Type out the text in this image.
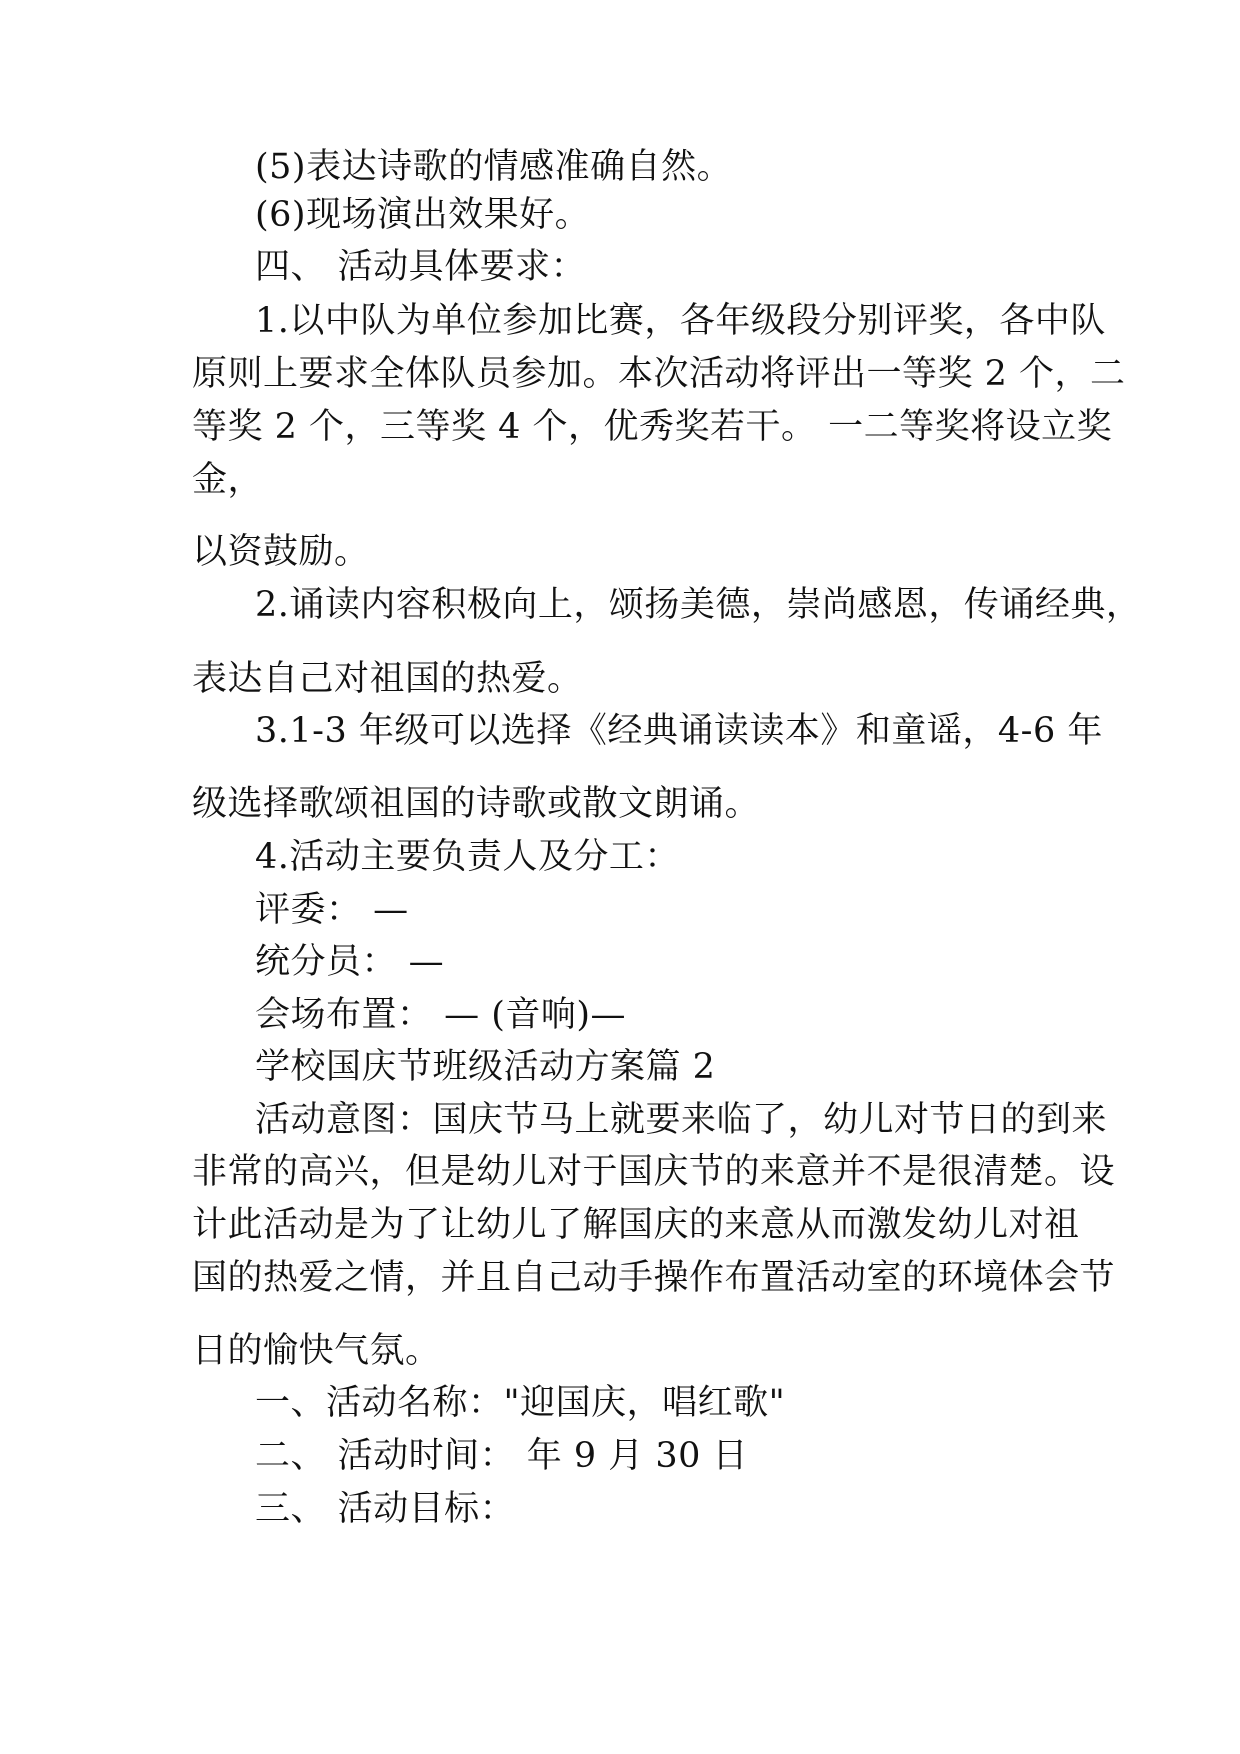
(5)表达诗歌的情感准确自然。
(6)现场演出效果好。
四、 活动具体要求：
1.以中队为单位参加比赛，各年级段分别评奖，各中队
原则上要求全体队员参加。本次活动将评出一等奖 2 个，二
等奖 2 个，三等奖 4 个，优秀奖若干。 一二等奖将设立奖
金，
以资鼓励。
2.诵读内容积极向上，颂扬美德，崇尚感恩，传诵经典，
表达自己对祖国的热爱。
3.1-3 年级可以选择《经典诵读读本》和童谣，4-6 年
级选择歌颂祖国的诗歌或散文朗诵。
4.活动主要负责人及分工：
评委： —
统分员： —
会场布置： — (音响)—
学校国庆节班级活动方案篇 2
活动意图：国庆节马上就要来临了，幼儿对节日的到来
非常的高兴，但是幼儿对于国庆节的来意并不是很清楚。设
计此活动是为了让幼儿了解国庆的来意从而激发幼儿对祖
国的热爱之情，并且自己动手操作布置活动室的环境体会节
日的愉快气氛。
一、活动名称："迎国庆，唱红歌"
二、 活动时间： 年 9 月 30 日
三、 活动目标：
